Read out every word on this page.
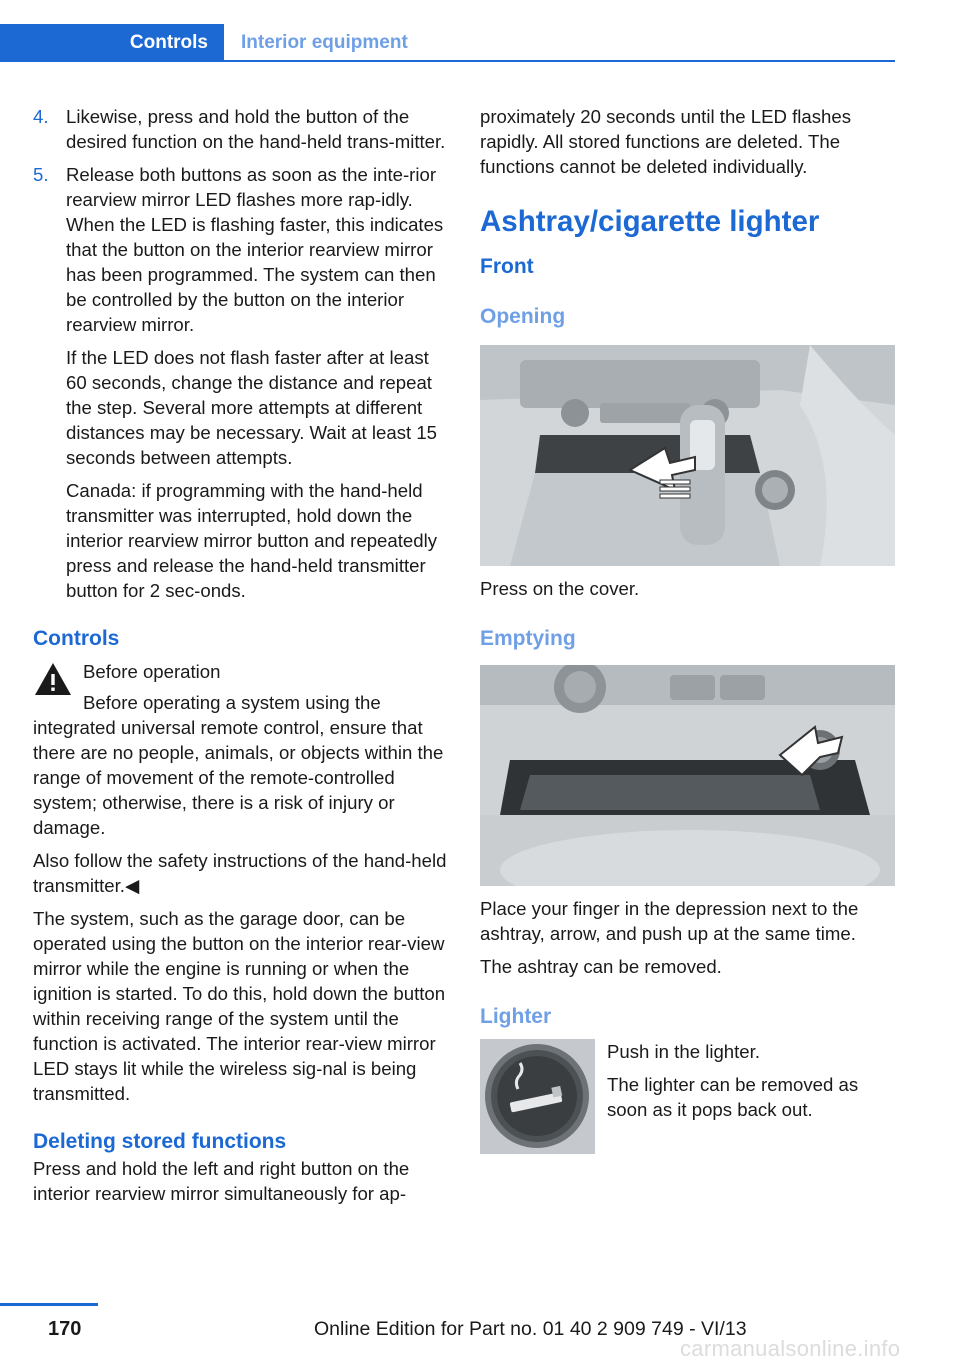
Controls	Interior equipment
4. Likewise, press and hold the button of the desired function on the hand-held trans-mitter.

5. Release both buttons as soon as the inte-rior rearview mirror LED flashes more rap-idly. When the LED is flashing faster, this indicates that the button on the interior rearview mirror has been programmed. The system can then be controlled by the button on the interior rearview mirror.

If the LED does not flash faster after at least 60 seconds, change the distance and repeat the step. Several more attempts at different distances may be necessary. Wait at least 15 seconds between attempts.

Canada: if programming with the hand-held transmitter was interrupted, hold down the interior rearview mirror button and repeatedly press and release the hand-held transmitter button for 2 sec-onds.

Controls

Before operation

Before operating a system using the integrated universal remote control, ensure that there are no people, animals, or objects within the range of movement of the remote-controlled system; otherwise, there is a risk of injury or damage.

Also follow the safety instructions of the hand-held transmitter.◀

The system, such as the garage door, can be operated using the button on the interior rear-view mirror while the engine is running or when the ignition is started. To do this, hold down the button within receiving range of the system until the function is activated. The interior rear-view mirror LED stays lit while the wireless sig-nal is being transmitted.

Deleting stored functions

Press and hold the left and right button on the interior rearview mirror simultaneously for ap-

proximately 20 seconds until the LED flashes rapidly. All stored functions are deleted. The functions cannot be deleted individually.

Ashtray/cigarette lighter
Front
Opening

Press on the cover.

Emptying

Place your finger in the depression next to the ashtray, arrow, and push up at the same time.

The ashtray can be removed.

Lighter

Push in the lighter.

The lighter can be removed as soon as it pops back out.

170	Online Edition for Part no. 01 40 2 909 749 - VI/13
carmanualsonline.info
